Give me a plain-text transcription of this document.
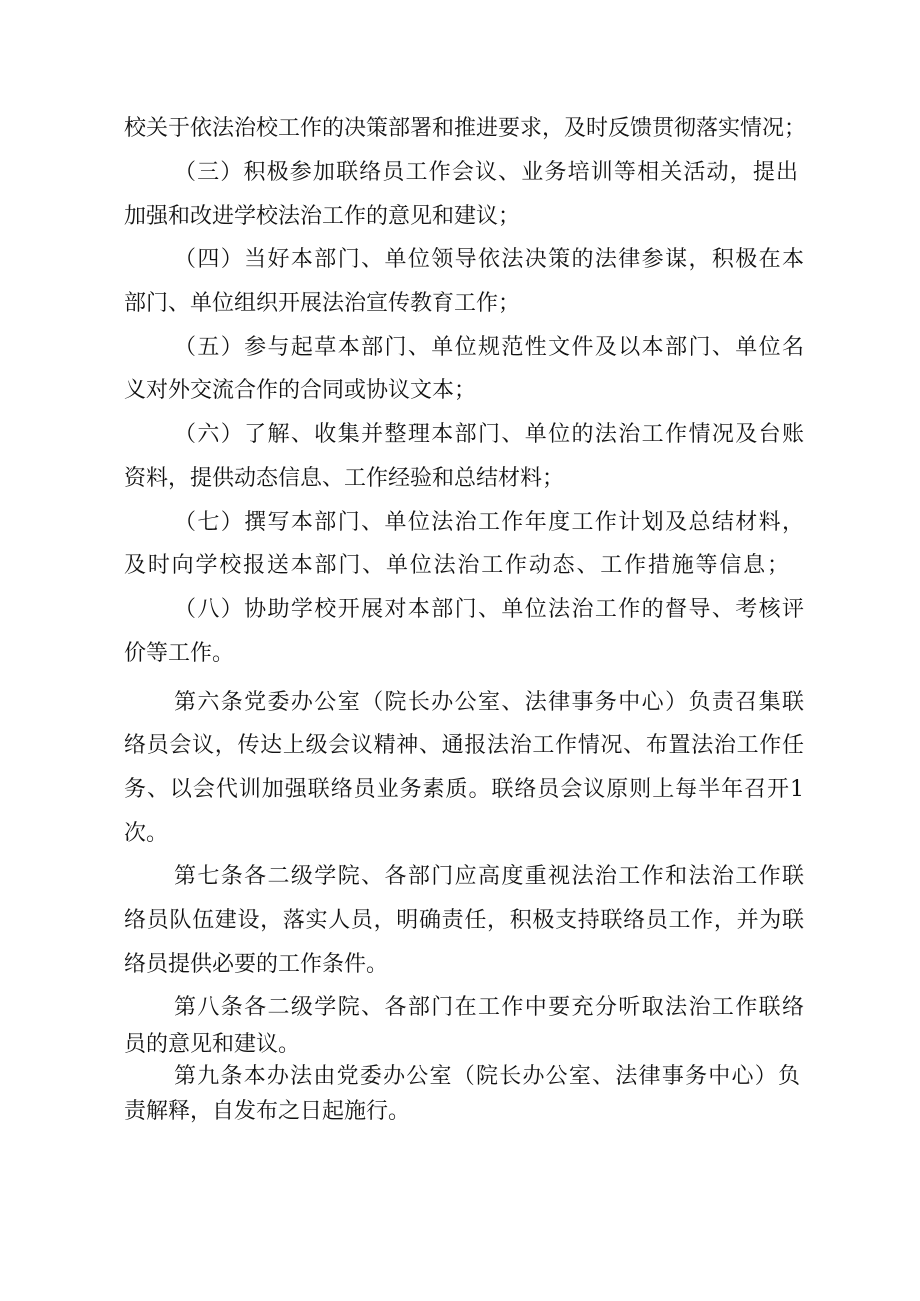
校关于依法治校工作的决策部署和推进要求，及时反馈贯彻落实情况；
（三）积极参加联络员工作会议、业务培训等相关活动，提出
加强和改进学校法治工作的意见和建议；
（四）当好本部门、单位领导依法决策的法律参谋，积极在本
部门、单位组织开展法治宣传教育工作；
（五）参与起草本部门、单位规范性文件及以本部门、单位名
义对外交流合作的合同或协议文本；
（六）了解、收集并整理本部门、单位的法治工作情况及台账
资料，提供动态信息、工作经验和总结材料；
（七）撰写本部门、单位法治工作年度工作计划及总结材料，
及时向学校报送本部门、单位法治工作动态、工作措施等信息；
（八）协助学校开展对本部门、单位法治工作的督导、考核评
价等工作。
第六条党委办公室（院长办公室、法律事务中心）负责召集联
络员会议，传达上级会议精神、通报法治工作情况、布置法治工作任
务、以会代训加强联络员业务素质。联络员会议原则上每半年召开1
次。
第七条各二级学院、各部门应高度重视法治工作和法治工作联
络员队伍建设，落实人员，明确责任，积极支持联络员工作，并为联
络员提供必要的工作条件。
第八条各二级学院、各部门在工作中要充分听取法治工作联络
员的意见和建议。
第九条本办法由党委办公室（院长办公室、法律事务中心）负
责解释，自发布之日起施行。
